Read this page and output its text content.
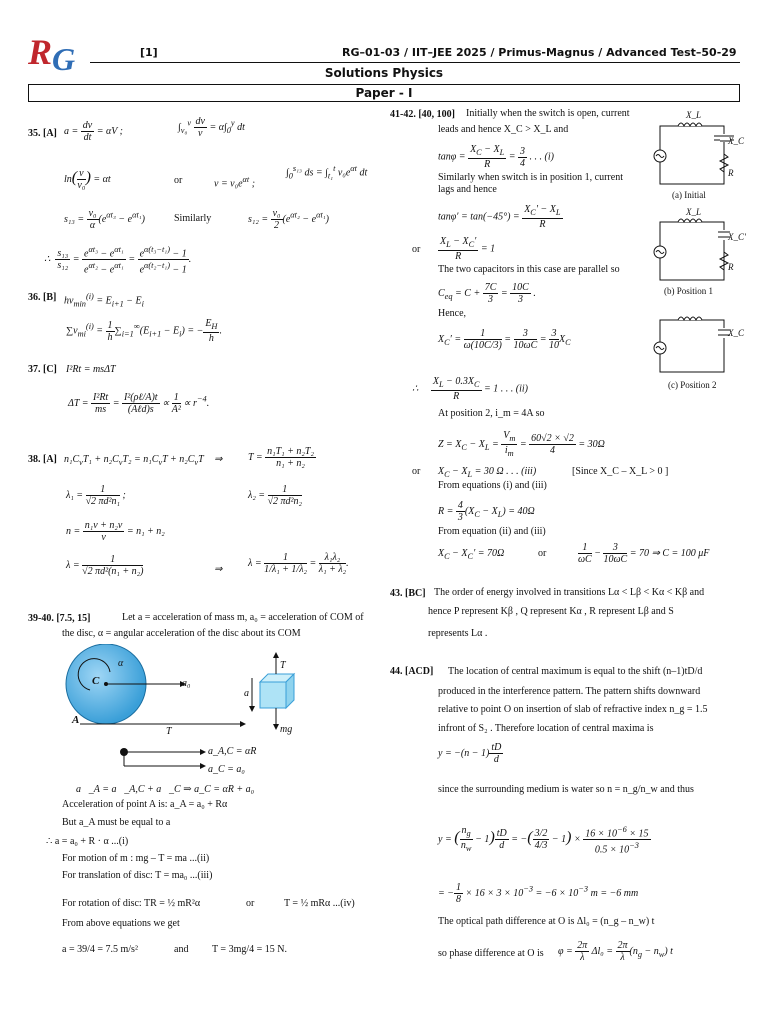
R G	[1]	RG–01-03 / IIT–JEE 2025 / Primus-Magnus / Advanced Test–50-29
Solutions Physics
Paper - I
35. [A] $a = \frac{dv}{dt} = \alpha V$ ;	$\int_{v_0}^v \frac{dv}{v} = \alpha\int_0^y$ dt
$\ln( \frac{v}{\text{v₀}}$ ) = αt	or	$v = v_0e^{\alpha t}$ ;
$\int_0^{s_{13}}$ ds = $\int_{t_1}^t$ $v_0e^{\alpha t}$ dt
$s_{13} = \frac{\text{v₀}}{\alpha} (e^{\alpha t_3} - e^{\alpha t_1})$	Similarly	$s_{12} = \frac{\text{v₀}}{2} (e^{\alpha t_2} - e^{\alpha t_1})$
∴ $\frac{\text{s₁₃}}{\text{s₁₂}}$ =
$e^{\alpha t_3} - e^{\alpha t_1}$
$e^{\alpha t_2} - e^{\alpha t_1}$
= $\frac{e^{\alpha(t_3-t_1)} - 1}{e^{\alpha(t_2-t_1)} - 1}$ .
36. [B] $h\nu_{min}^{(i)} = E_{i+1} - E_i$
$\sum\nu_{mi}^{(i)} = \frac{1}{h} \sum_{i=1}^\infty(E_{i+1} - E_i)$ = − $\frac{E_H}{h}$ .
37. [C] I²Rt = msΔT
$\Delta T = \frac{\text{I²Rt}}{ms}$ =
I²(ρℓ/A)t
(Aℓd)s
∝ $\frac{1}{\text{A²}} \propto r^{-4}$.
38. [A] $n_1C_vT_1 + n_2C_vT_2 = n_1C_vT + n_2C_vT$ ⇒	$T = \frac{\text{n₁T₁ + n₂T₂}}{\text{n₁ + n₂}}$
$\lambda_1 = \frac{1}{\text{√2 πd²n₁}}$ ;	$\lambda_2 = \frac{1}{\text{√2 πd²n₂}}$
$n = \frac{\text{n₁v + n₂v}}{v} = n_1 + n_2$
$\lambda = \frac{1}{\text{√2 πd²(n₁ + n₂)}}$	⇒
$\lambda = \frac{1}{\text{1/λ₁ + 1/λ₂}} = \frac{\text{λ₁λ₂}}{\text{λ₁ + λ₂}}$ .
39-40. [7.5, 15]	Let a = acceleration of mass m, a₀ = acceleration of COM of
the disc, α = angular acceleration of the disc about its COM
α
C	a₀
A
T
T
a
mg
a_A,C = αR
a_C = a₀
a⃗_A = a⃗_A,C + a⃗_C ⇒ a_C = αR + a₀
Acceleration of point A is: a_A = a₀ + Rα
But a_A must be equal to a
∴ a = a₀ + R · α ...(i)
For motion of m : mg – T = ma ...(ii)
For translation of disc: T = ma₀ ...(iii)
For rotation of disc: TR = ½ mR²α	or	T = ½ mRα ...(iv)
From above equations we get
a = 39/4 = 7.5 m/s²	and T = 3mg/4 = 15 N.
41-42. [40, 100] Initially when the switch is open, current
leads and hence X_C > X_L and
$\tan\varphi = \frac{X_C - X_L}{R} = \frac{3}{4}$ . . . (i)
Similarly when switch is in position 1, current
lags and hence
$\tan\varphi' = \tan(-45^\circ) = \frac{X_C' - X_L}{R}$
or $\frac{X_L - X_C'}{R} = 1$
The two capacitors in this case are parallel so
$C_{eq} = C + \frac{7C}{3} = \frac{10C}{3}$ .
Hence,
$X_C' = \frac{1}{\omega(10C/3)} = \frac{3}{10\omega C} = \frac{3}{10} X_C$
∴ $\frac{X_L - 0.3X_C}{R} = 1$ . . . (ii)
At position 2, i_m = 4A so
$Z = X_C - X_L = \frac{V_m}{i_m} = \frac{60√2 \times √2}{4} = 30\Omega$
or $X_C - X_L = 30$ Ω . . . (iii)	[Since X_C – X_L > 0 ]
From equations (i) and (iii)
$R = \frac{4}{3} (X_C - X_L) = 40\Omega$
From equation (ii) and (iii)
$X_C - X_C' = 70\Omega$	or	$\frac{1}{\omega C} - \frac{3}{10\omega C} = 70$ ⇒ C = 100 μF
X_L
X_C
R
(a) Initial
X_L
X_C'
R
(b) Position 1
X_C
(c) Position 2
43. [BC] The order of energy involved in transitions Lα < Lβ < Kα < Kβ and
hence P represent Kβ , Q represent Kα , R represent Lβ and S
represents Lα .
44. [ACD] The location of central maximum is equal to the shift (n–1)tD/d
produced in the interference pattern. The pattern shifts downward
relative to point O on insertion of slab of refractive index n_g = 1.5
infront of S₂ . Therefore location of central maxima is
$y = -(n - 1) \frac{tD}{d}$
since the surrounding medium is water so n = n_g/n_w and thus
y = ( $\frac{n_g}{n_w} - 1) \frac{tD}{d}$ = −( $\frac{3/2}{4/3} - 1) \times \frac{16 \times 10^{-6} \times 15}{0.5 \times 10^{-3}}$
= − $\frac{1}{8} \times 16 \times 3 \times 10^{-3} = -6 \times 10^{-3}$ m = −6 mm
The optical path difference at O is Δl₀ = (n_g – n_w) t
so phase difference at O is $\varphi = \frac{2\pi}{\lambda} \Delta l_0 = \frac{2\pi}{\lambda} (n_g - n_w)$ t
